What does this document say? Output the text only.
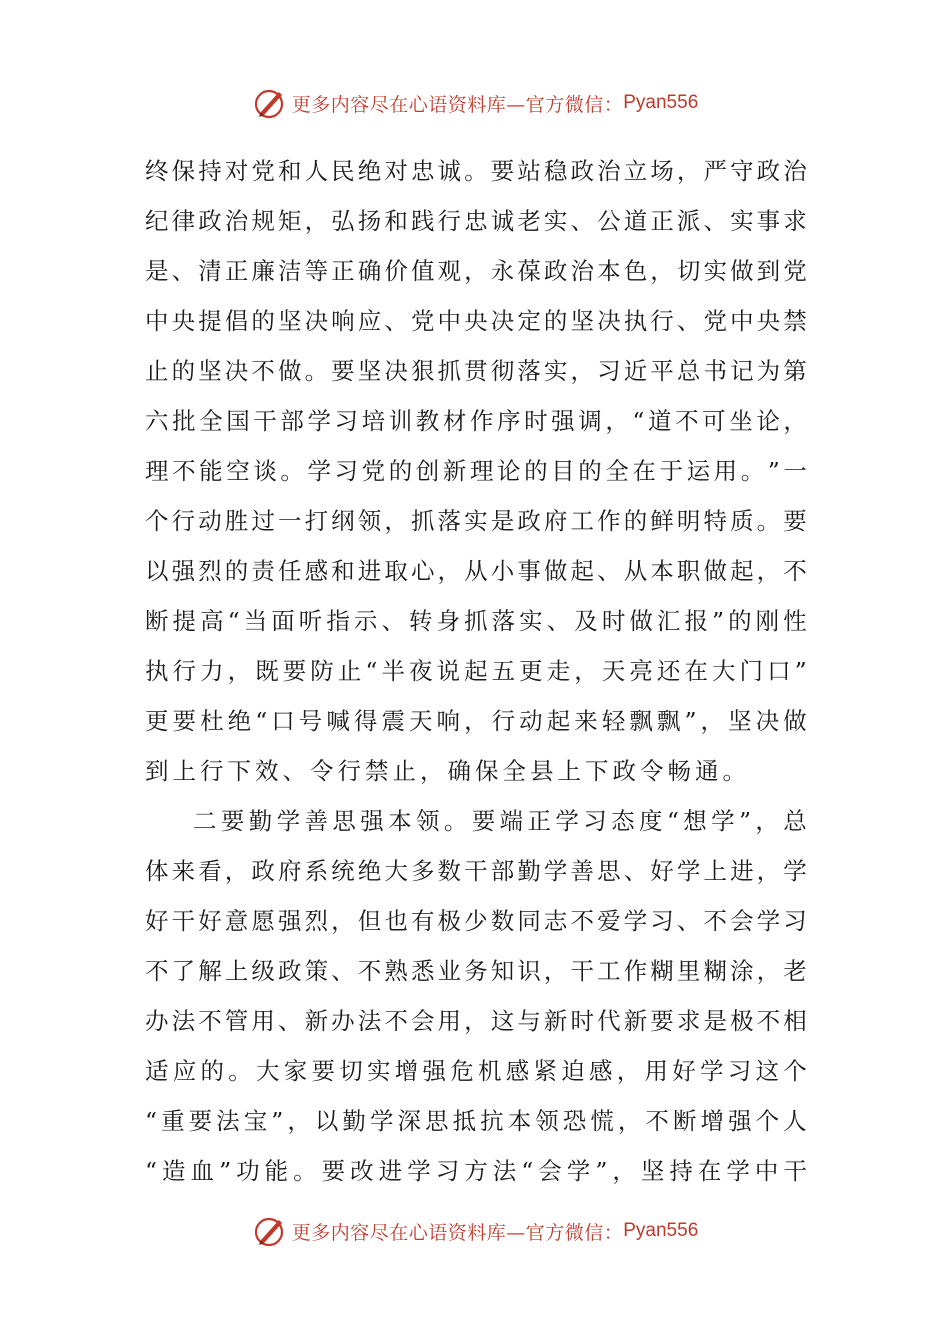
更多内容尽在心语资料库—官方微信： Pyan556
终 保 持 对 党 和 人 民 绝 对 忠 诚 。 要 站 稳 政 治 立 场 ， 严 守 政 治
纪 律 政 治 规 矩 ， 弘 扬 和 践 行 忠 诚 老 实 、 公 道 正 派 、 实 事 求
是 、 清 正 廉 洁 等 正 确 价 值 观 ， 永 葆 政 治 本 色 ， 切 实 做 到 党
中 央 提 倡 的 坚 决 响 应 、 党 中 央 决 定 的 坚 决 执 行 、 党 中 央 禁
止 的 坚 决 不 做 。 要 坚 决 狠 抓 贯 彻 落 实 ， 习 近 平 总 书 记 为 第
六 批 全 国 干 部 学 习 培 训 教 材 作 序 时 强 调 ， “ 道 不 可 坐 论 ，
理 不 能 空 谈 。 学 习 党 的 创 新 理 论 的 目 的 全 在 于 运 用 。 ” 一
个 行 动 胜 过 一 打 纲 领 ， 抓 落 实 是 政 府 工 作 的 鲜 明 特 质 。 要
以 强 烈 的 责 任 感 和 进 取 心 ， 从 小 事 做 起 、 从 本 职 做 起 ， 不
断 提 高 “ 当 面 听 指 示 、 转 身 抓 落 实 、 及 时 做 汇 报 ” 的 刚 性
执 行 力 ， 既 要 防 止 “ 半 夜 说 起 五 更 走 ， 天 亮 还 在 大 门 口 ”
更 要 杜 绝 “ 口 号 喊 得 震 天 响 ， 行 动 起 来 轻 飘 飘 ” ， 坚 决 做
到上行下效、令行禁止，确保全县上下政令畅通。
二 要 勤 学 善 思 强 本 领 。 要 端 正 学 习 态 度 “ 想 学 ” ， 总
体 来 看 ， 政 府 系 统 绝 大 多 数 干 部 勤 学 善 思 、 好 学 上 进 ， 学
好 干 好 意 愿 强 烈 ， 但 也 有 极 少 数 同 志 不 爱 学 习 、 不 会 学 习
不 了 解 上 级 政 策 、 不 熟 悉 业 务 知 识 ， 干 工 作 糊 里 糊 涂 ， 老
办 法 不 管 用 、 新 办 法 不 会 用 ， 这 与 新 时 代 新 要 求 是 极 不 相
适 应 的 。 大 家 要 切 实 增 强 危 机 感 紧 迫 感 ， 用 好 学 习 这 个
“ 重 要 法 宝 ” ， 以 勤 学 深 思 抵 抗 本 领 恐 慌 ， 不 断 增 强 个 人
“ 造 血 ” 功 能 。 要 改 进 学 习 方 法 “ 会 学 ” ， 坚 持 在 学 中 干
更多内容尽在心语资料库—官方微信： Pyan556
